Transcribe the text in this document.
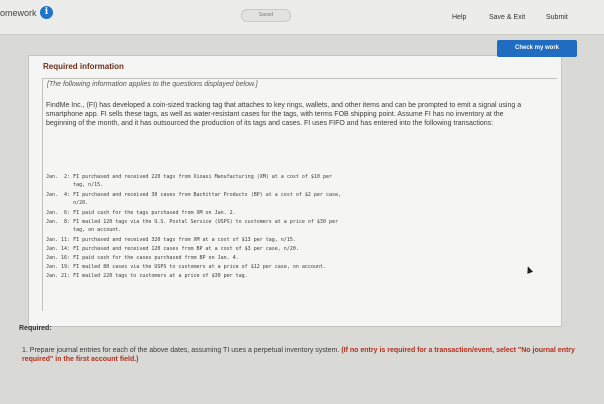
omework i	Saved	Help	Save & Exit	Submit
Check my work
Required information
[The following information applies to the questions displayed below.]
FindMe Inc., (FI) has developed a coin-sized tracking tag that attaches to key rings, wallets, and other items and can be prompted to emit a signal using a smartphone app. FI sells these tags, as well as water-resistant cases for the tags, with terms FOB shipping point. Assume FI has no inventory at the beginning of the month, and it has outsourced the production of its tags and cases. FI uses FIFO and has entered into the following transactions:
Jan.  2: FI purchased and received 220 tags from Xioasi Manufacturing (XM) at a cost of $10 per
tag, n/15.
Jan.  4: FI purchased and received 30 cases from Bachittar Products (BP) at a cost of $2 per case,
n/20.
Jan.  6: FI paid cash for the tags purchased from XM on Jan. 2.
Jan.  8: FI mailed 120 tags via the U.S. Postal Service (USPS) to customers at a price of $30 per
tag, on account.
Jan. 11: FI purchased and received 320 tags from XM at a cost of $13 per tag, n/15.
Jan. 14: FI purchased and received 120 cases from BP at a cost of $3 per case, n/20.
Jan. 16: FI paid cash for the cases purchased from BP on Jan. 4.
Jan. 19: FI mailed 80 cases via the USPS to customers at a price of $12 per case, on account.
Jan. 21: FI mailed 220 tags to customers at a price of $30 per tag.
Required:
1. Prepare journal entries for each of the above dates, assuming TI uses a perpetual inventory system. (If no entry is required for a transaction/event, select "No journal entry required" in the first account field.)
